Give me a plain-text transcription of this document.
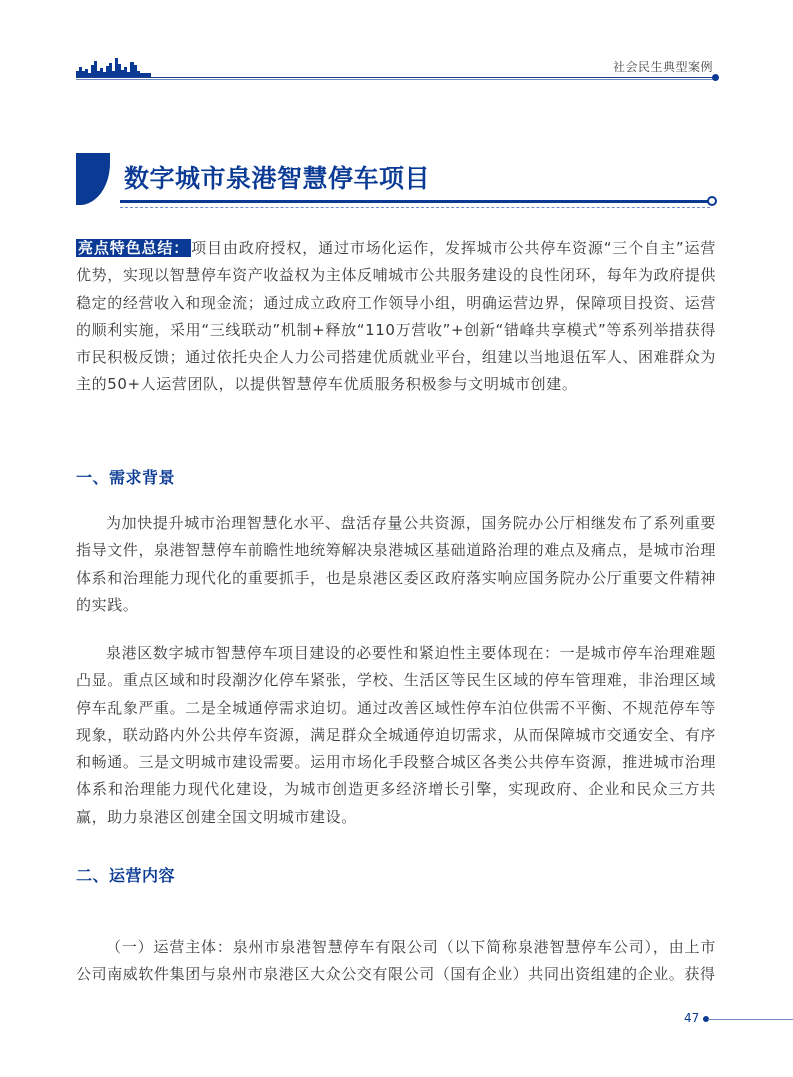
社会民生典型案例
数字城市泉港智慧停车项目
亮点特色总结： 项目由政府授权，通过市场化运作，发挥城市公共停车资源“三个自主”运营优势，实现以智慧停车资产收益权为主体反哺城市公共服务建设的良性闭环，每年为政府提供稳定的经营收入和现金流；通过成立政府工作领导小组，明确运营边界，保障项目投资、运营的顺利实施，采用“三线联动”机制+释放“110万营收”+创新“错峰共享模式”等系列举措获得市民积极反馈；通过依托央企人力公司搭建优质就业平台，组建以当地退伍军人、困难群众为主的50+人运营团队，以提供智慧停车优质服务积极参与文明城市创建。
一、需求背景
为加快提升城市治理智慧化水平、盘活存量公共资源，国务院办公厅相继发布了系列重要指导文件，泉港智慧停车前瞻性地统筹解决泉港城区基础道路治理的难点及痛点，是城市治理体系和治理能力现代化的重要抓手，也是泉港区委区政府落实响应国务院办公厅重要文件精神的实践。
泉港区数字城市智慧停车项目建设的必要性和紧迫性主要体现在：一是城市停车治理难题凸显。重点区域和时段潮汐化停车紧张，学校、生活区等民生区域的停车管理难，非治理区域停车乱象严重。二是全城通停需求迫切。通过改善区域性停车泊位供需不平衡、不规范停车等现象，联动路内外公共停车资源，满足群众全城通停迫切需求，从而保障城市交通安全、有序和畅通。三是文明城市建设需要。运用市场化手段整合城区各类公共停车资源，推进城市治理体系和治理能力现代化建设，为城市创造更多经济增长引擎，实现政府、企业和民众三方共赢，助力泉港区创建全国文明城市建设。
二、运营内容
（一）运营主体：泉州市泉港智慧停车有限公司（以下简称泉港智慧停车公司），由上市公司南威软件集团与泉州市泉港区大众公交有限公司（国有企业）共同出资组建的企业。获得
47
